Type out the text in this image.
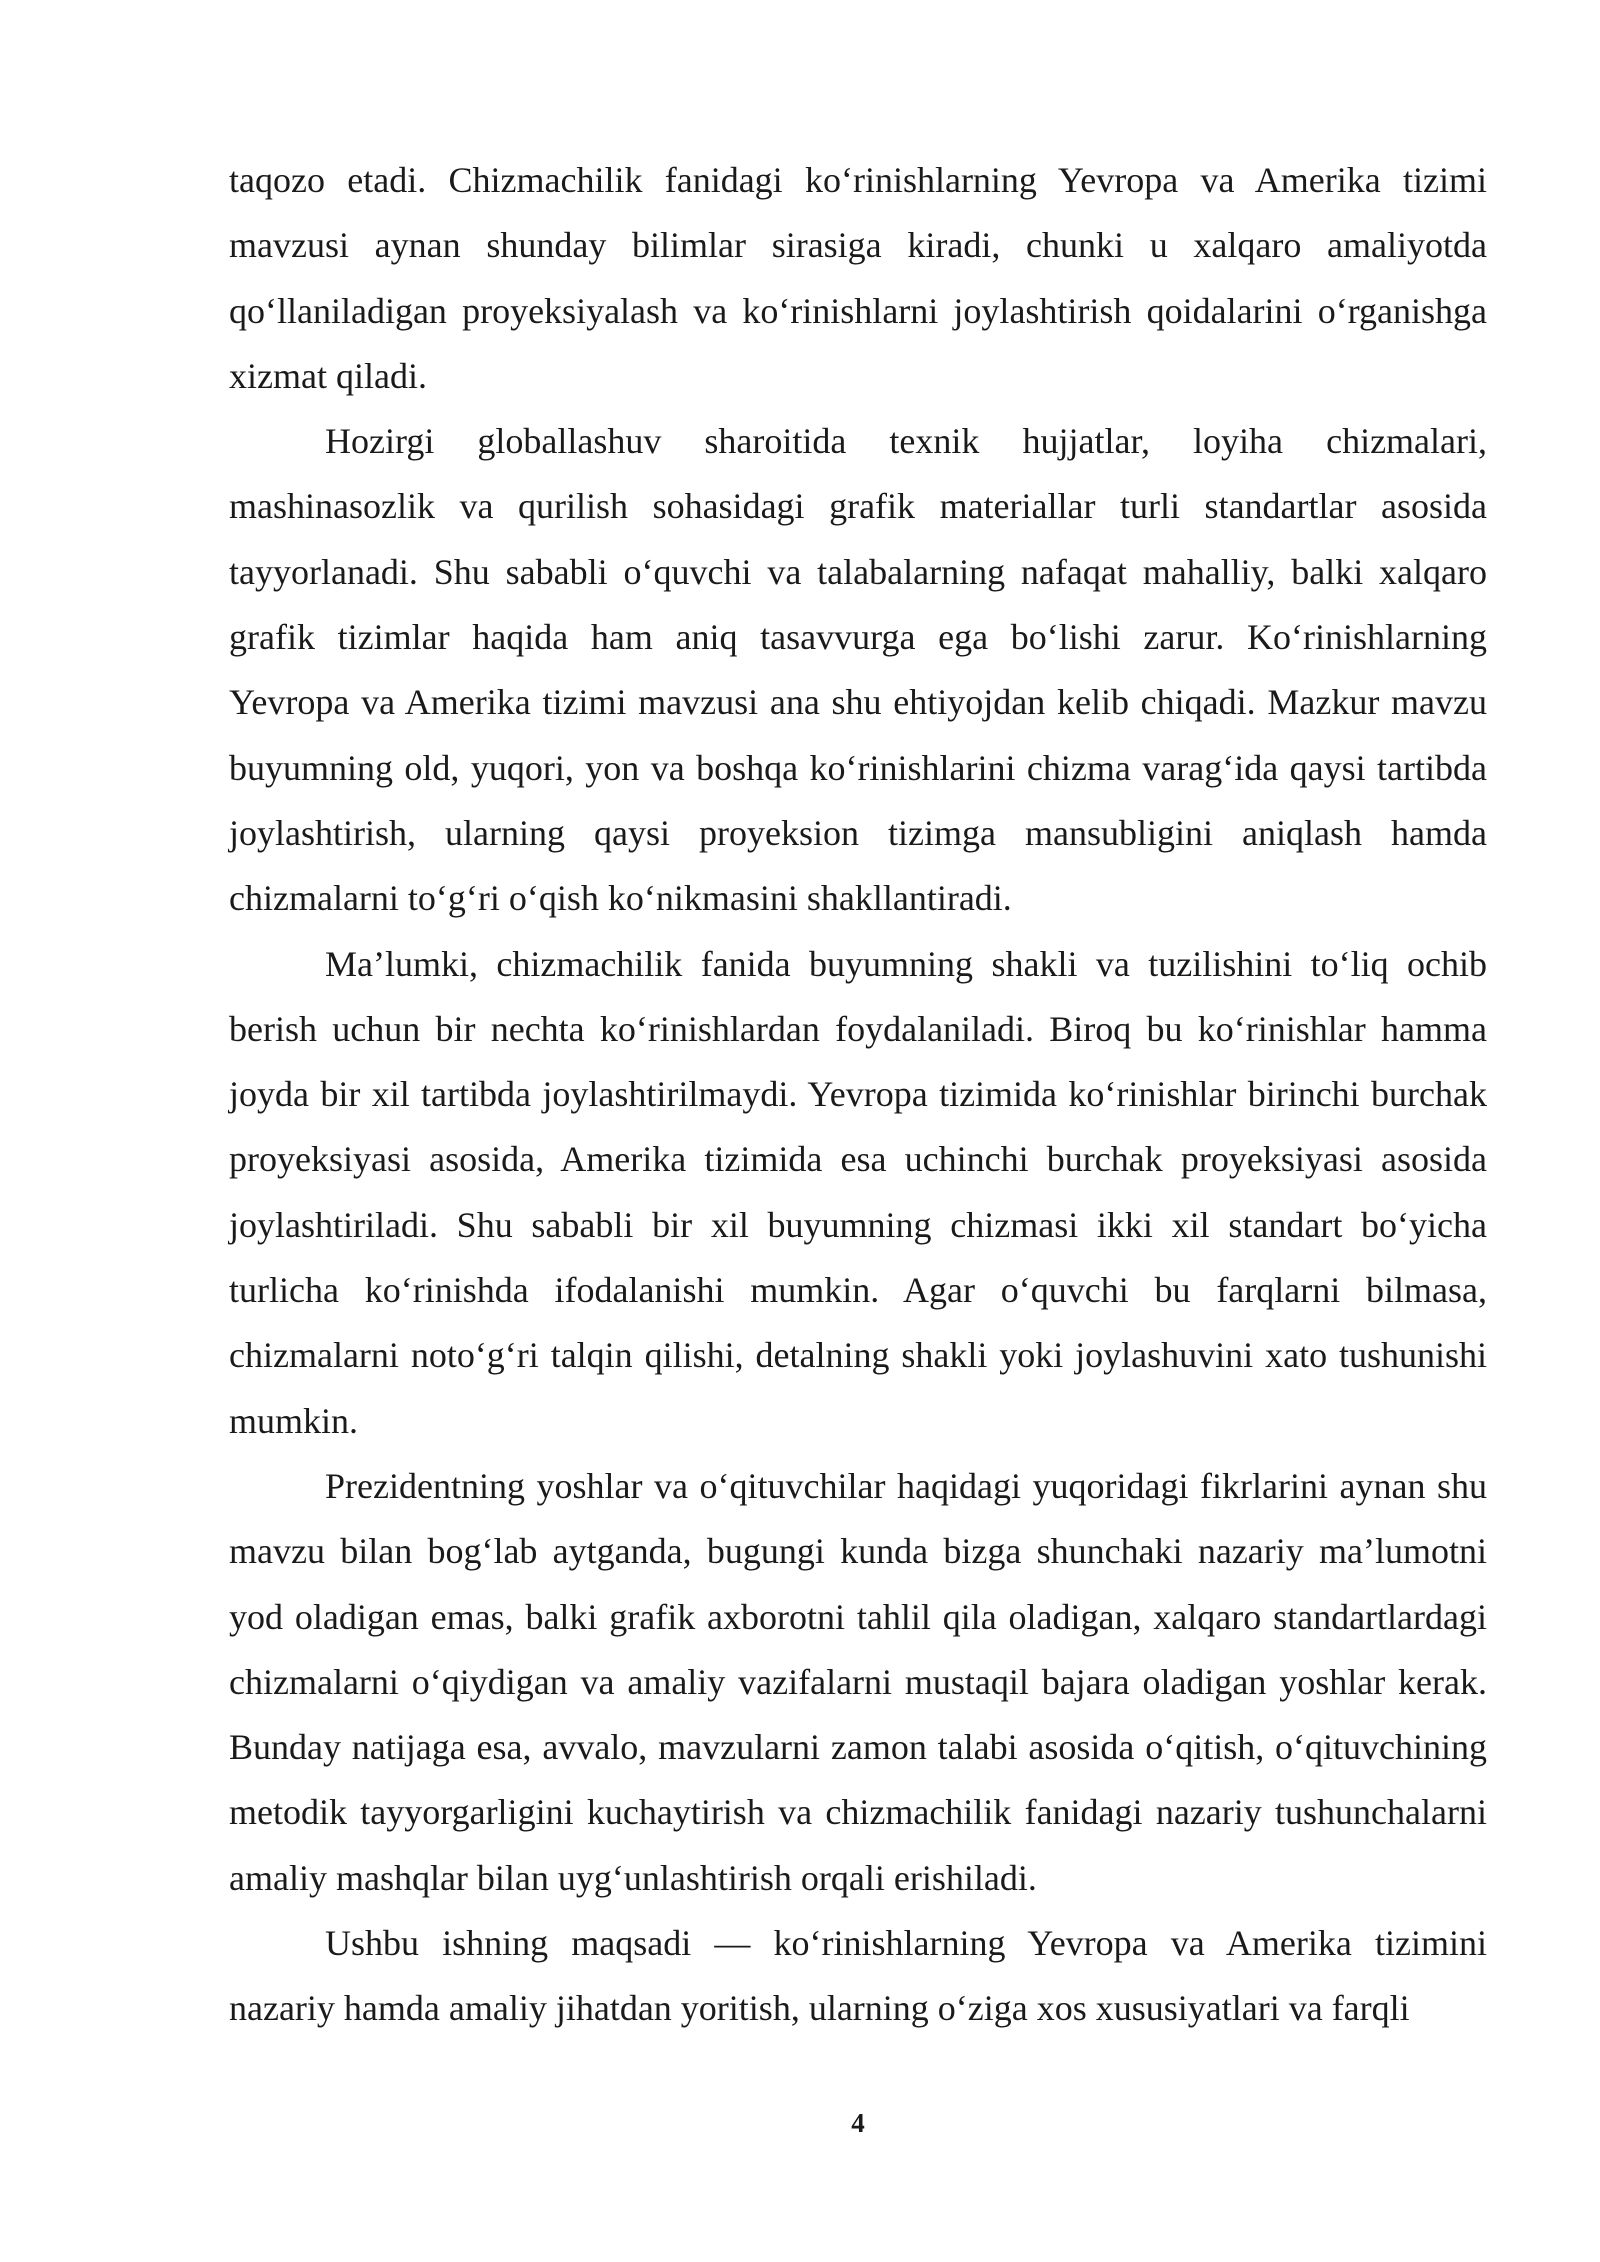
taqozo etadi. Chizmachilik fanidagi ko‘rinishlarning Yevropa va Amerika tizimi mavzusi aynan shunday bilimlar sirasiga kiradi, chunki u xalqaro amaliyotda qo‘llaniladigan proyeksiyalash va ko‘rinishlarni joylashtirish qoidalarini o‘rganishga xizmat qiladi.

Hozirgi globallashuv sharoitida texnik hujjatlar, loyiha chizmalari, mashinasozlik va qurilish sohasidagi grafik materiallar turli standartlar asosida tayyorlanadi. Shu sababli o‘quvchi va talabalarning nafaqat mahalliy, balki xalqaro grafik tizimlar haqida ham aniq tasavvurga ega bo‘lishi zarur. Ko‘rinishlarning Yevropa va Amerika tizimi mavzusi ana shu ehtiyojdan kelib chiqadi. Mazkur mavzu buyumning old, yuqori, yon va boshqa ko‘rinishlarini chizma varag‘ida qaysi tartibda joylashtirish, ularning qaysi proyeksion tizimga mansubligini aniqlash hamda chizmalarni to‘g‘ri o‘qish ko‘nikmasini shakllantiradi.

Ma’lumki, chizmachilik fanida buyumning shakli va tuzilishini to‘liq ochib berish uchun bir nechta ko‘rinishlardan foydalaniladi. Biroq bu ko‘rinishlar hamma joyda bir xil tartibda joylashtirilmaydi. Yevropa tizimida ko‘rinishlar birinchi burchak proyeksiyasi asosida, Amerika tizimida esa uchinchi burchak proyeksiyasi asosida joylashtiriladi. Shu sababli bir xil buyumning chizmasi ikki xil standart bo‘yicha turlicha ko‘rinishda ifodalanishi mumkin. Agar o‘quvchi bu farqlarni bilmasa, chizmalarni noto‘g‘ri talqin qilishi, detalning shakli yoki joylashuvini xato tushunishi mumkin.

Prezidentning yoshlar va o‘qituvchilar haqidagi yuqoridagi fikrlarini aynan shu mavzu bilan bog‘lab aytganda, bugungi kunda bizga shunchaki nazariy ma’lumotni yod oladigan emas, balki grafik axborotni tahlil qila oladigan, xalqaro standartlardagi chizmalarni o‘qiydigan va amaliy vazifalarni mustaqil bajara oladigan yoshlar kerak. Bunday natijaga esa, avvalo, mavzularni zamon talabi asosida o‘qitish, o‘qituvchining metodik tayyorgarligini kuchaytirish va chizmachilik fanidagi nazariy tushunchalarni amaliy mashqlar bilan uyg‘unlashtirish orqali erishiladi.

Ushbu ishning maqsadi — ko‘rinishlarning Yevropa va Amerika tizimini nazariy hamda amaliy jihatdan yoritish, ularning o‘ziga xos xususiyatlari va farqli

4
